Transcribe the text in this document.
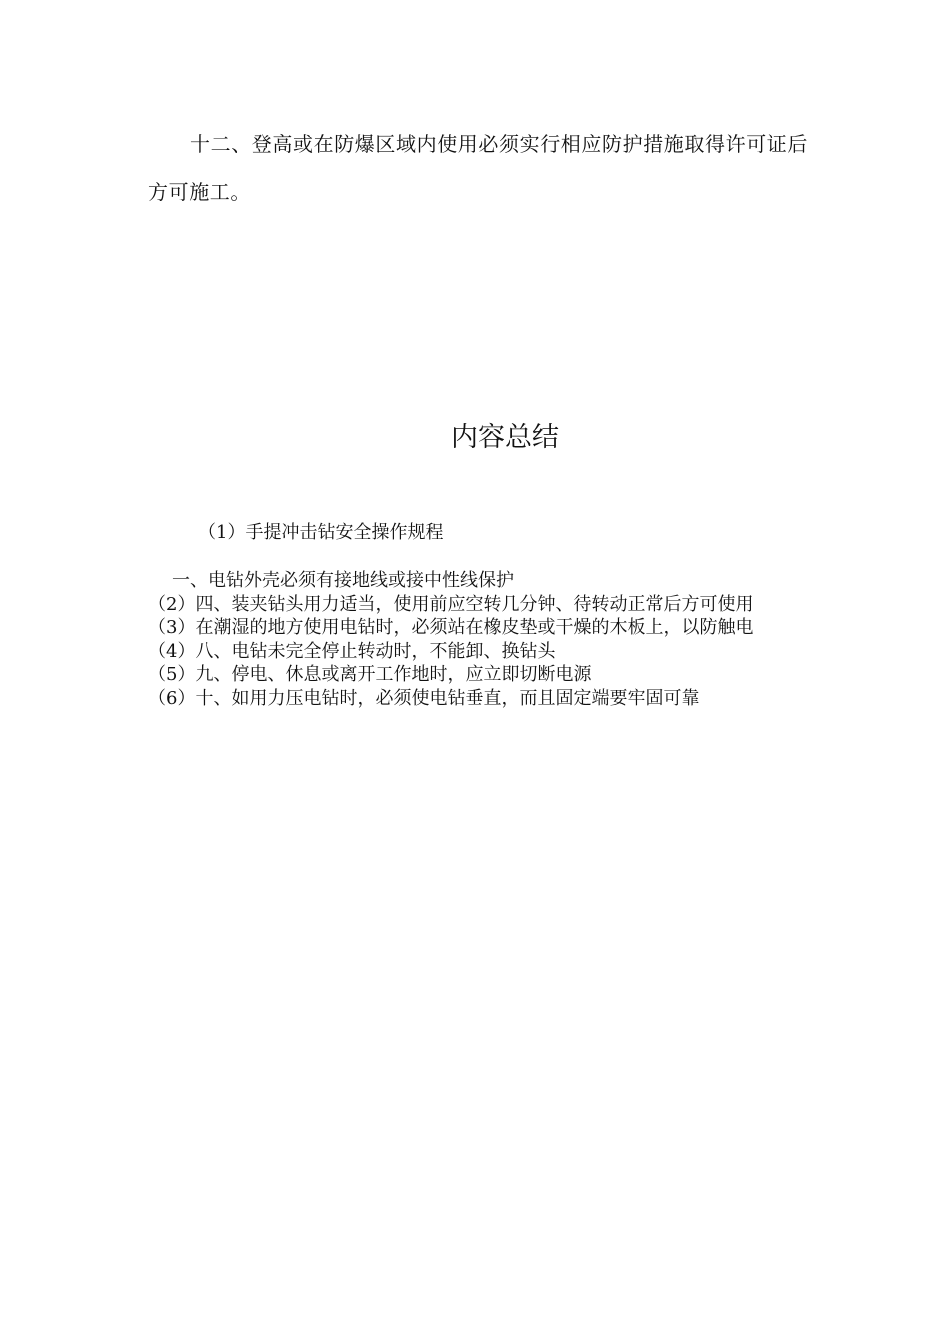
十二、登高或在防爆区域内使用必须实行相应防护措施取得许可证后方可施工。

内容总结
（1）手提冲击钻安全操作规程

一、电钻外壳必须有接地线或接中性线保护

（2）四、装夹钻头用力适当，使用前应空转几分钟、待转动正常后方可使用

（3）在潮湿的地方使用电钻时，必须站在橡皮垫或干燥的木板上，以防触电

（4）八、电钻未完全停止转动时，不能卸、换钻头

（5）九、停电、休息或离开工作地时，应立即切断电源

（6）十、如用力压电钻时，必须使电钻垂直，而且固定端要牢固可靠
